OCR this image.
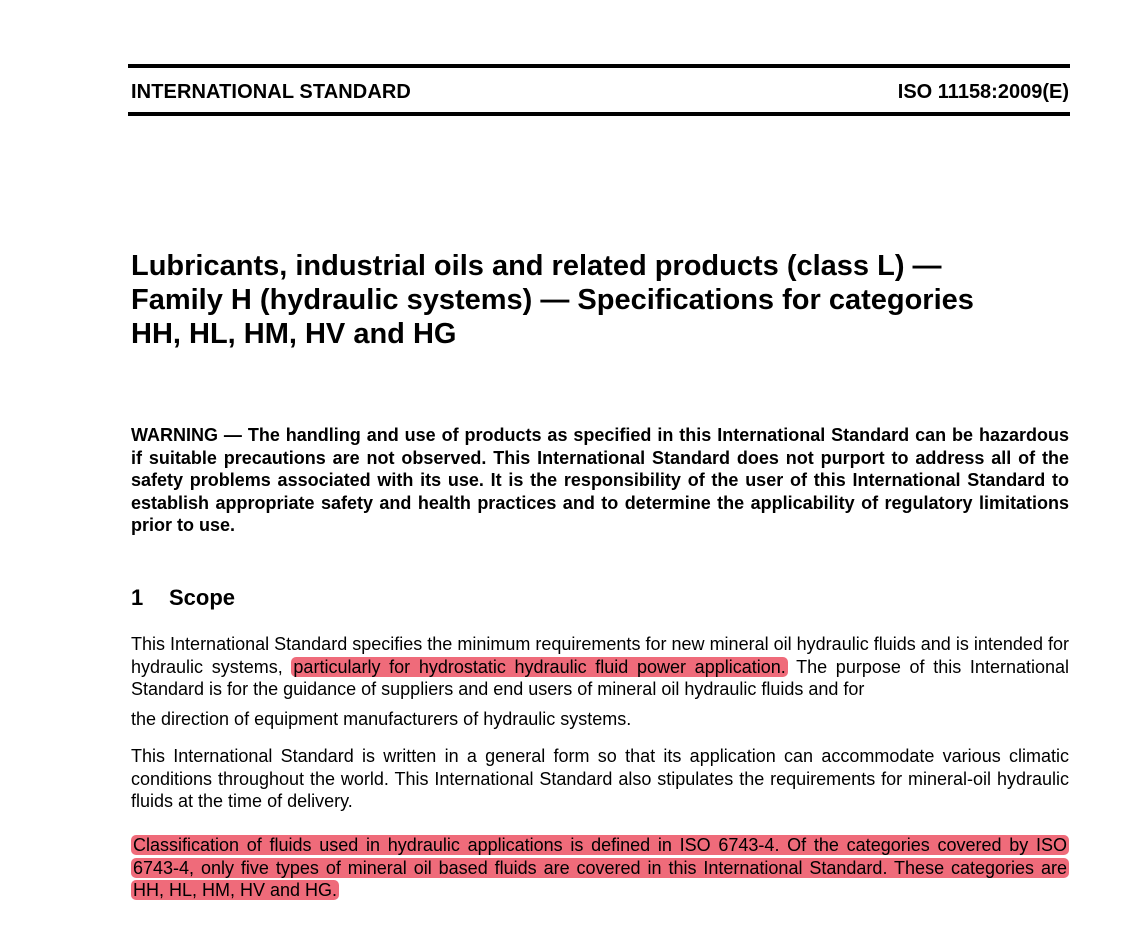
INTERNATIONAL STANDARD	ISO 11158:2009(E)
Lubricants, industrial oils and related products (class L) —
Family H (hydraulic systems) — Specifications for categories
HH, HL, HM, HV and HG

WARNING — The handling and use of products as specified in this International Standard can be hazardous if suitable precautions are not observed. This International Standard does not purport to address all of the safety problems associated with its use. It is the responsibility of the user of this International Standard to establish appropriate safety and health practices and to determine the applicability of regulatory limitations prior to use.

1 Scope

This International Standard specifies the minimum requirements for new mineral oil hydraulic fluids and is intended for hydraulic systems, particularly for hydrostatic hydraulic fluid power application. The purpose of this International Standard is for the guidance of suppliers and end users of mineral oil hydraulic fluids and for

the direction of equipment manufacturers of hydraulic systems.

This International Standard is written in a general form so that its application can accommodate various climatic conditions throughout the world. This International Standard also stipulates the requirements for mineral-oil hydraulic fluids at the time of delivery.

Classification of fluids used in hydraulic applications is defined in ISO 6743-4. Of the categories covered by ISO 6743-4, only five types of mineral oil based fluids are covered in this International Standard. These categories are HH, HL, HM, HV and HG.
